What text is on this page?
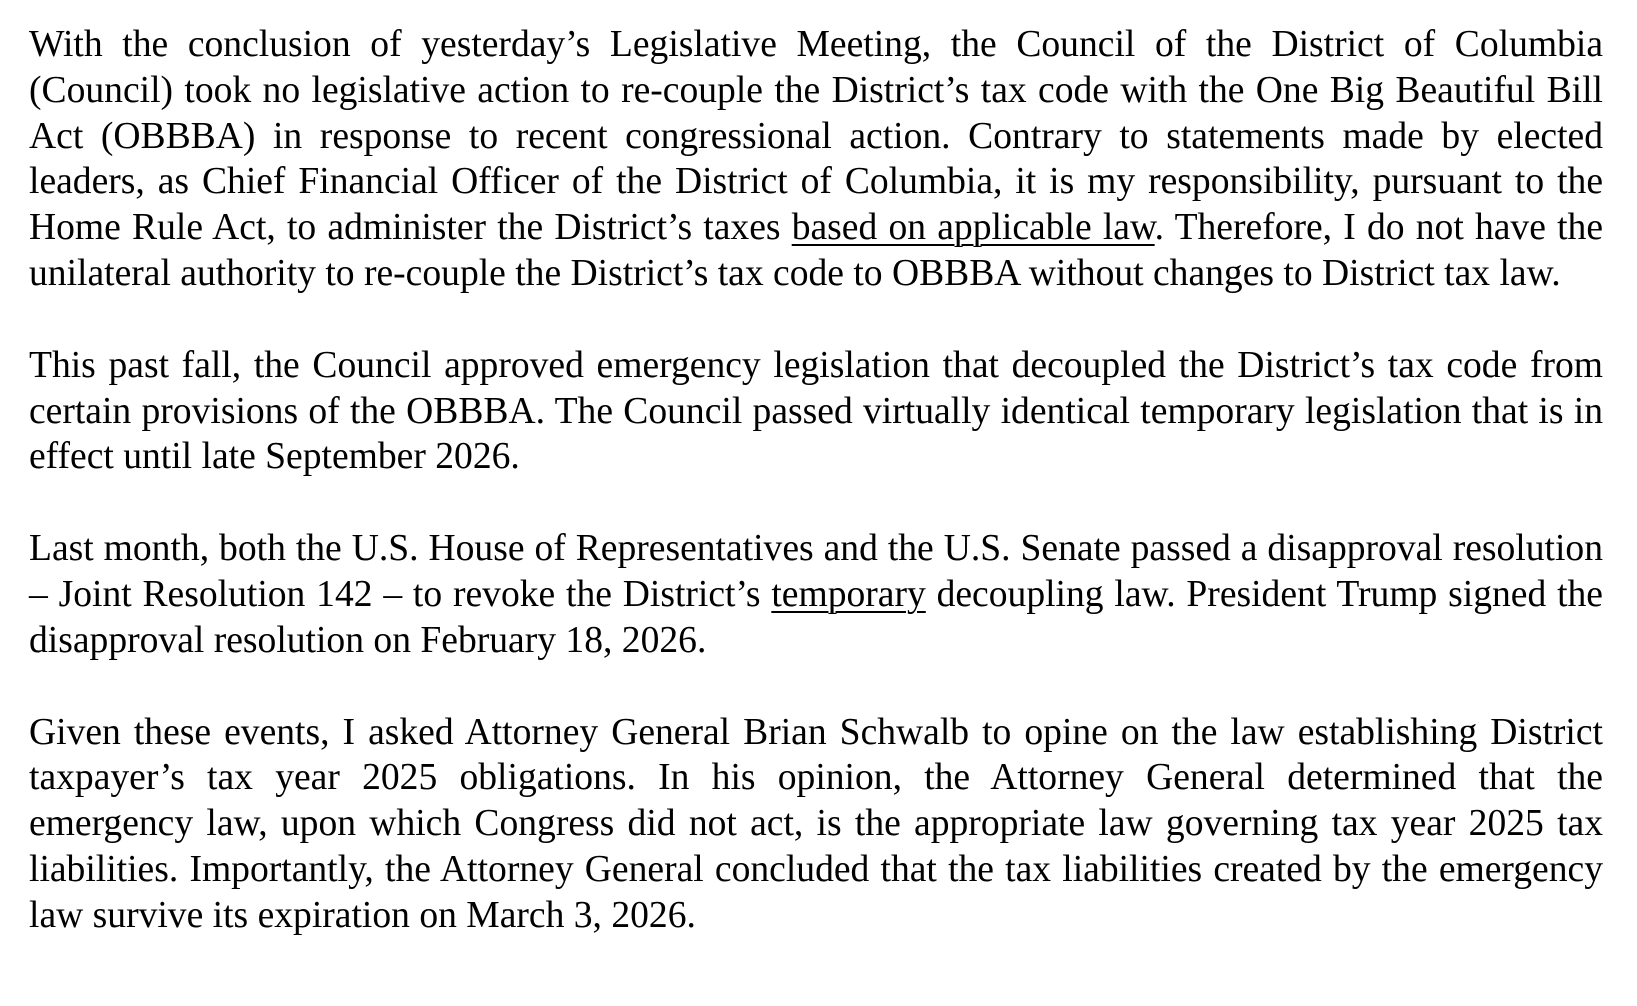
With the conclusion of yesterday’s Legislative Meeting, the Council of the District of Columbia (Council) took no legislative action to re-couple the District’s tax code with the One Big Beautiful Bill Act (OBBBA) in response to recent congressional action. Contrary to statements made by elected leaders, as Chief Financial Officer of the District of Columbia, it is my responsibility, pursuant to the Home Rule Act, to administer the District’s taxes based on applicable law. Therefore, I do not have the unilateral authority to re-couple the District’s tax code to OBBBA without changes to District tax law.

This past fall, the Council approved emergency legislation that decoupled the District’s tax code from certain provisions of the OBBBA. The Council passed virtually identical temporary legislation that is in effect until late September 2026.

Last month, both the U.S. House of Representatives and the U.S. Senate passed a disapproval resolution – Joint Resolution 142 – to revoke the District’s temporary decoupling law. President Trump signed the disapproval resolution on February 18, 2026.

Given these events, I asked Attorney General Brian Schwalb to opine on the law establishing District taxpayer’s tax year 2025 obligations. In his opinion, the Attorney General determined that the emergency law, upon which Congress did not act, is the appropriate law governing tax year 2025 tax liabilities. Importantly, the Attorney General concluded that the tax liabilities created by the emergency law survive its expiration on March 3, 2026.
